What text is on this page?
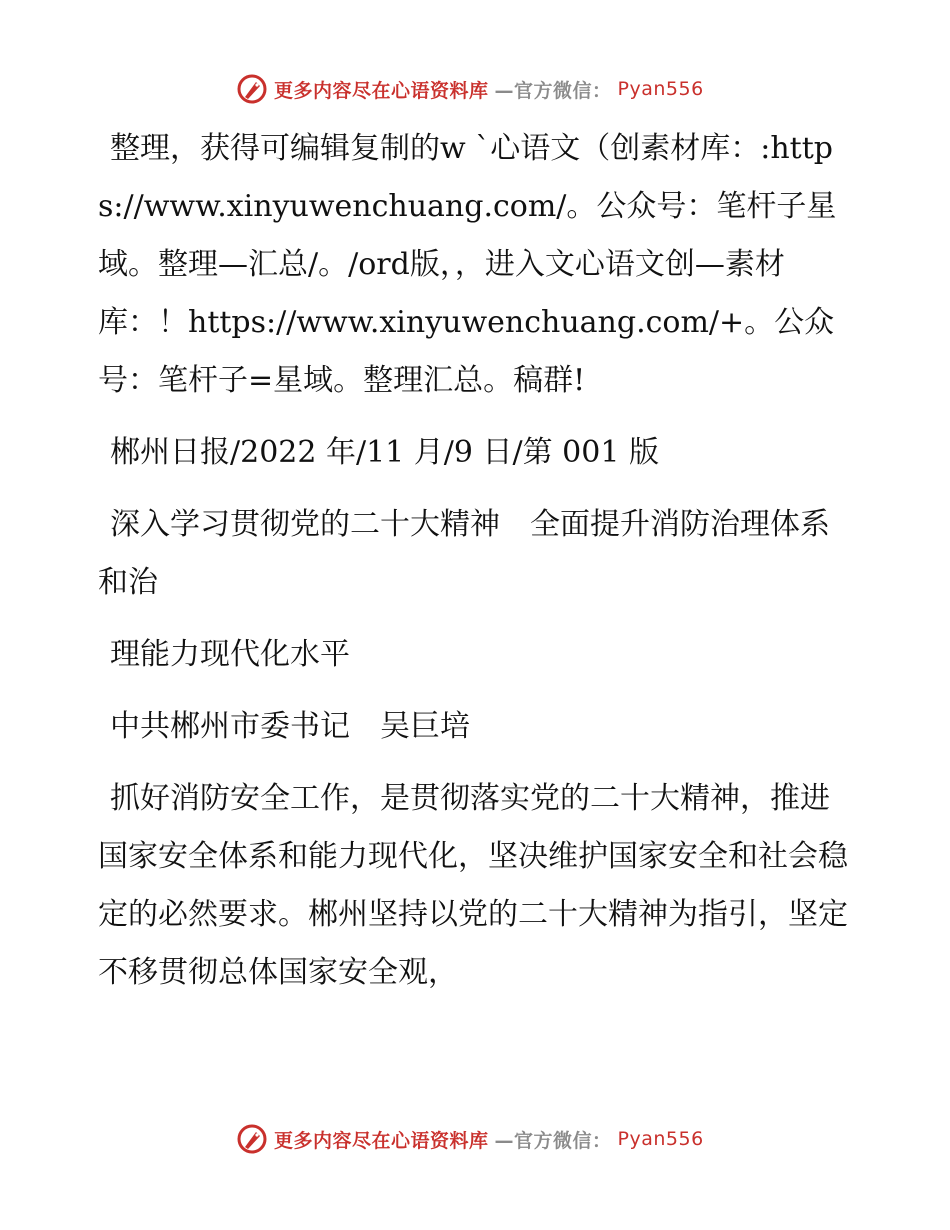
更多内容尽在心语资料库 —官方微信： Pyan556

整理，获得可编辑复制的w `心语文（创素材库：:https://www.xinyuwenchuang.com/。公众号：笔杆子星域。整理—汇总/。/ord版，，进入文心语文创—素材库：！https://www.xinyuwenchuang.com/+。公众号：笔杆子=星域。整理汇总。稿群!

郴州日报/2022 年/11 月/9 日/第 001 版

深入学习贯彻党的二十大精神　全面提升消防治理体系和治

理能力现代化水平

中共郴州市委书记　吴巨培

抓好消防安全工作，是贯彻落实党的二十大精神，推进国家安全体系和能力现代化，坚决维护国家安全和社会稳定的必然要求。郴州坚持以党的二十大精神为指引，坚定不移贯彻总体国家安全观，

更多内容尽在心语资料库 —官方微信： Pyan556
